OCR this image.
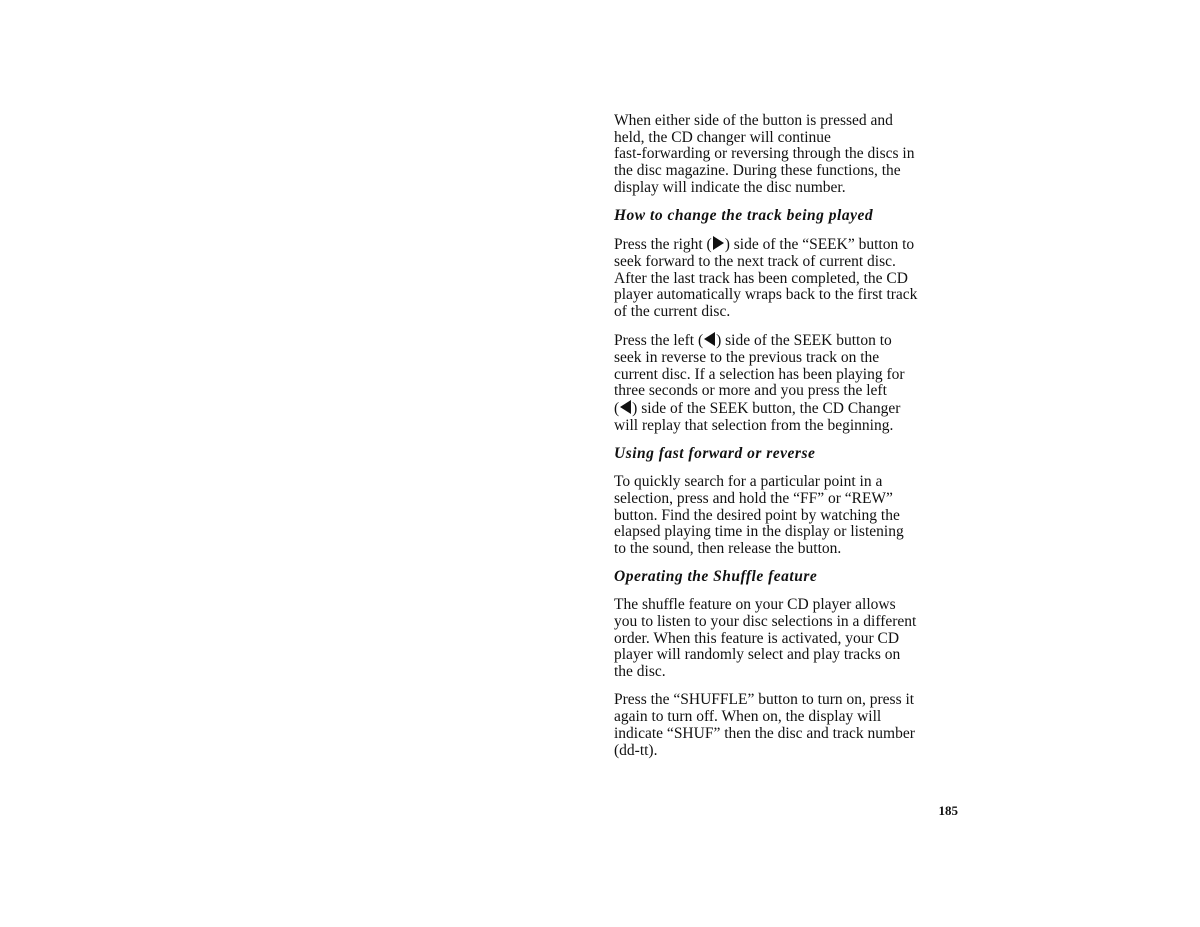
When either side of the button is pressed and
held, the CD changer will continue
fast-forwarding or reversing through the discs in
the disc magazine. During these functions, the
display will indicate the disc number.

How to change the track being played

Press the right ( ) side of the “SEEK” button to
seek forward to the next track of current disc.
After the last track has been completed, the CD
player automatically wraps back to the first track
of the current disc.

Press the left ( ) side of the SEEK button to
seek in reverse to the previous track on the
current disc. If a selection has been playing for
three seconds or more and you press the left
( ) side of the SEEK button, the CD Changer
will replay that selection from the beginning.

Using fast forward or reverse

To quickly search for a particular point in a
selection, press and hold the “FF” or “REW”
button. Find the desired point by watching the
elapsed playing time in the display or listening
to the sound, then release the button.

Operating the Shuffle feature

The shuffle feature on your CD player allows
you to listen to your disc selections in a different
order. When this feature is activated, your CD
player will randomly select and play tracks on
the disc.

Press the “SHUFFLE” button to turn on, press it
again to turn off. When on, the display will
indicate “SHUF” then the disc and track number
(dd-tt).

185
